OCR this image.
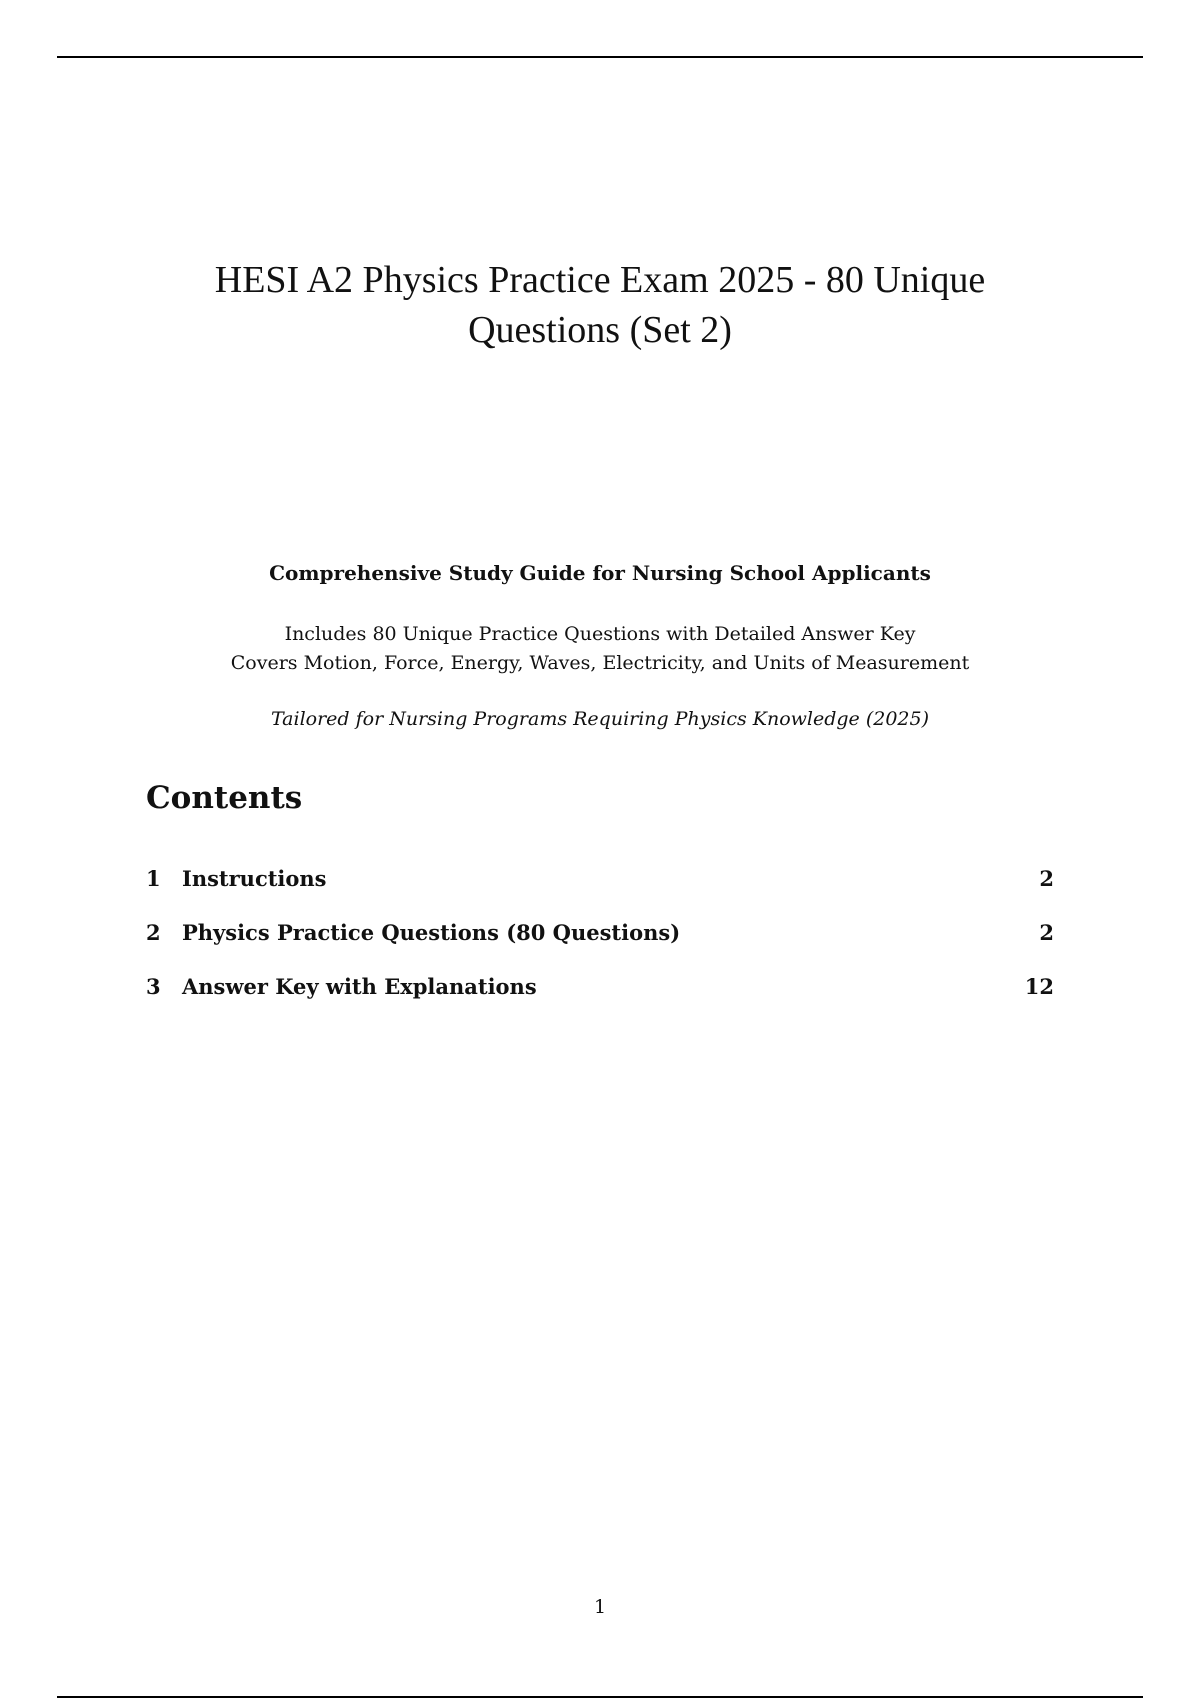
HESI A2 Physics Practice Exam 2025 - 80 Unique
Questions (Set 2)
Comprehensive Study Guide for Nursing School Applicants
Includes 80 Unique Practice Questions with Detailed Answer Key
Covers Motion, Force, Energy, Waves, Electricity, and Units of Measurement
Tailored for Nursing Programs Requiring Physics Knowledge (2025)
Contents
1	Instructions	2
2	Physics Practice Questions (80 Questions)	2
3	Answer Key with Explanations	12
1
